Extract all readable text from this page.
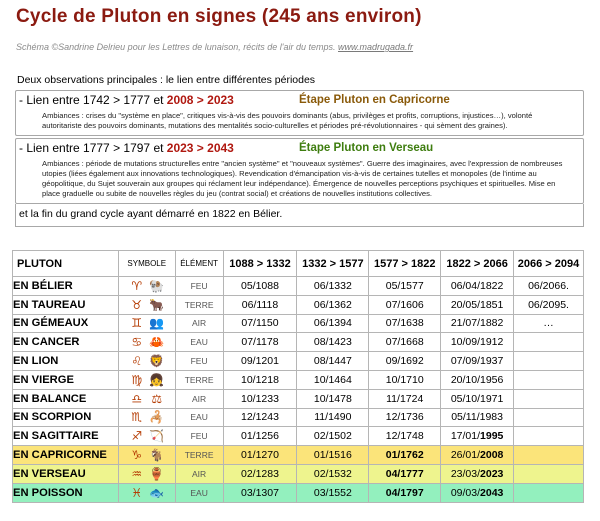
Cycle de Pluton en signes (245 ans environ)
Schéma ©Sandrine Delrieu pour les Lettres de lunaison, récits de l'air du temps. www.madrugada.fr
Deux observations principales : le lien entre différentes périodes
- Lien entre 1742 > 1777 et 2008 > 2023	Étape Pluton en Capricorne
Ambiances : crises du "système en place", critiques vis-à-vis des pouvoirs dominants (abus, privilèges et profits, corruptions, injustices…), volonté autoritariste des pouvoirs dominants, mutations des mentalités socio-culturelles et périodes pré-révolutionnaires - qui sèment des graines).
- Lien entre 1777 > 1797 et 2023 > 2043	Étape Pluton en Verseau
Ambiances : période de mutations structurelles entre "ancien système" et "nouveaux systèmes". Guerre des imaginaires, avec l'expression de nombreuses utopies (liées également aux innovations technologiques). Revendication d'émancipation vis-à-vis de certaines tutelles et monopoles (de l'intime au géopolitique, du Sujet souverain aux groupes qui réclament leur indépendance). Émergence de nouvelles perceptions psychiques et spirituelles. Mise en place graduelle ou subite de nouvelles règles du jeu (contrat social) et créations de nouvelles institutions collectives.
et la fin du grand cycle ayant démarré en 1822 en Bélier.
PLUTON	SYMBOLE	ÉLÉMENT	1088 > 1332	1332 > 1577	1577 > 1822	1822 > 2066	2066 > 2094
EN BÉLIER	♈ 🐏	FEU	05/1088	06/1332	05/1577	06/04/1822	06/2066.
EN TAUREAU	♉ 🐂	TERRE	06/1118	06/1362	07/1606	20/05/1851	06/2095.
EN GÉMEAUX	♊ 👥	AIR	07/1150	06/1394	07/1638	21/07/1882	…
EN CANCER	♋ 🦀	EAU	07/1178	08/1423	07/1668	10/09/1912	
EN LION	♌ 🦁	FEU	09/1201	08/1447	09/1692	07/09/1937	
EN VIERGE	♍ 👧	TERRE	10/1218	10/1464	10/1710	20/10/1956	
EN BALANCE	♎ ⚖	AIR	10/1233	10/1478	11/1724	05/10/1971	
EN SCORPION	♏ 🦂	EAU	12/1243	11/1490	12/1736	05/11/1983	
EN SAGITTAIRE	♐ 🏹	FEU	01/1256	02/1502	12/1748	17/01/1995	
EN CAPRICORNE	♑ 🐐	TERRE	01/1270	01/1516	01/1762	26/01/2008	
EN VERSEAU	♒ 🏺	AIR	02/1283	02/1532	04/1777	23/03/2023	
EN POISSON	♓ 🐟	EAU	03/1307	03/1552	04/1797	09/03/2043	
